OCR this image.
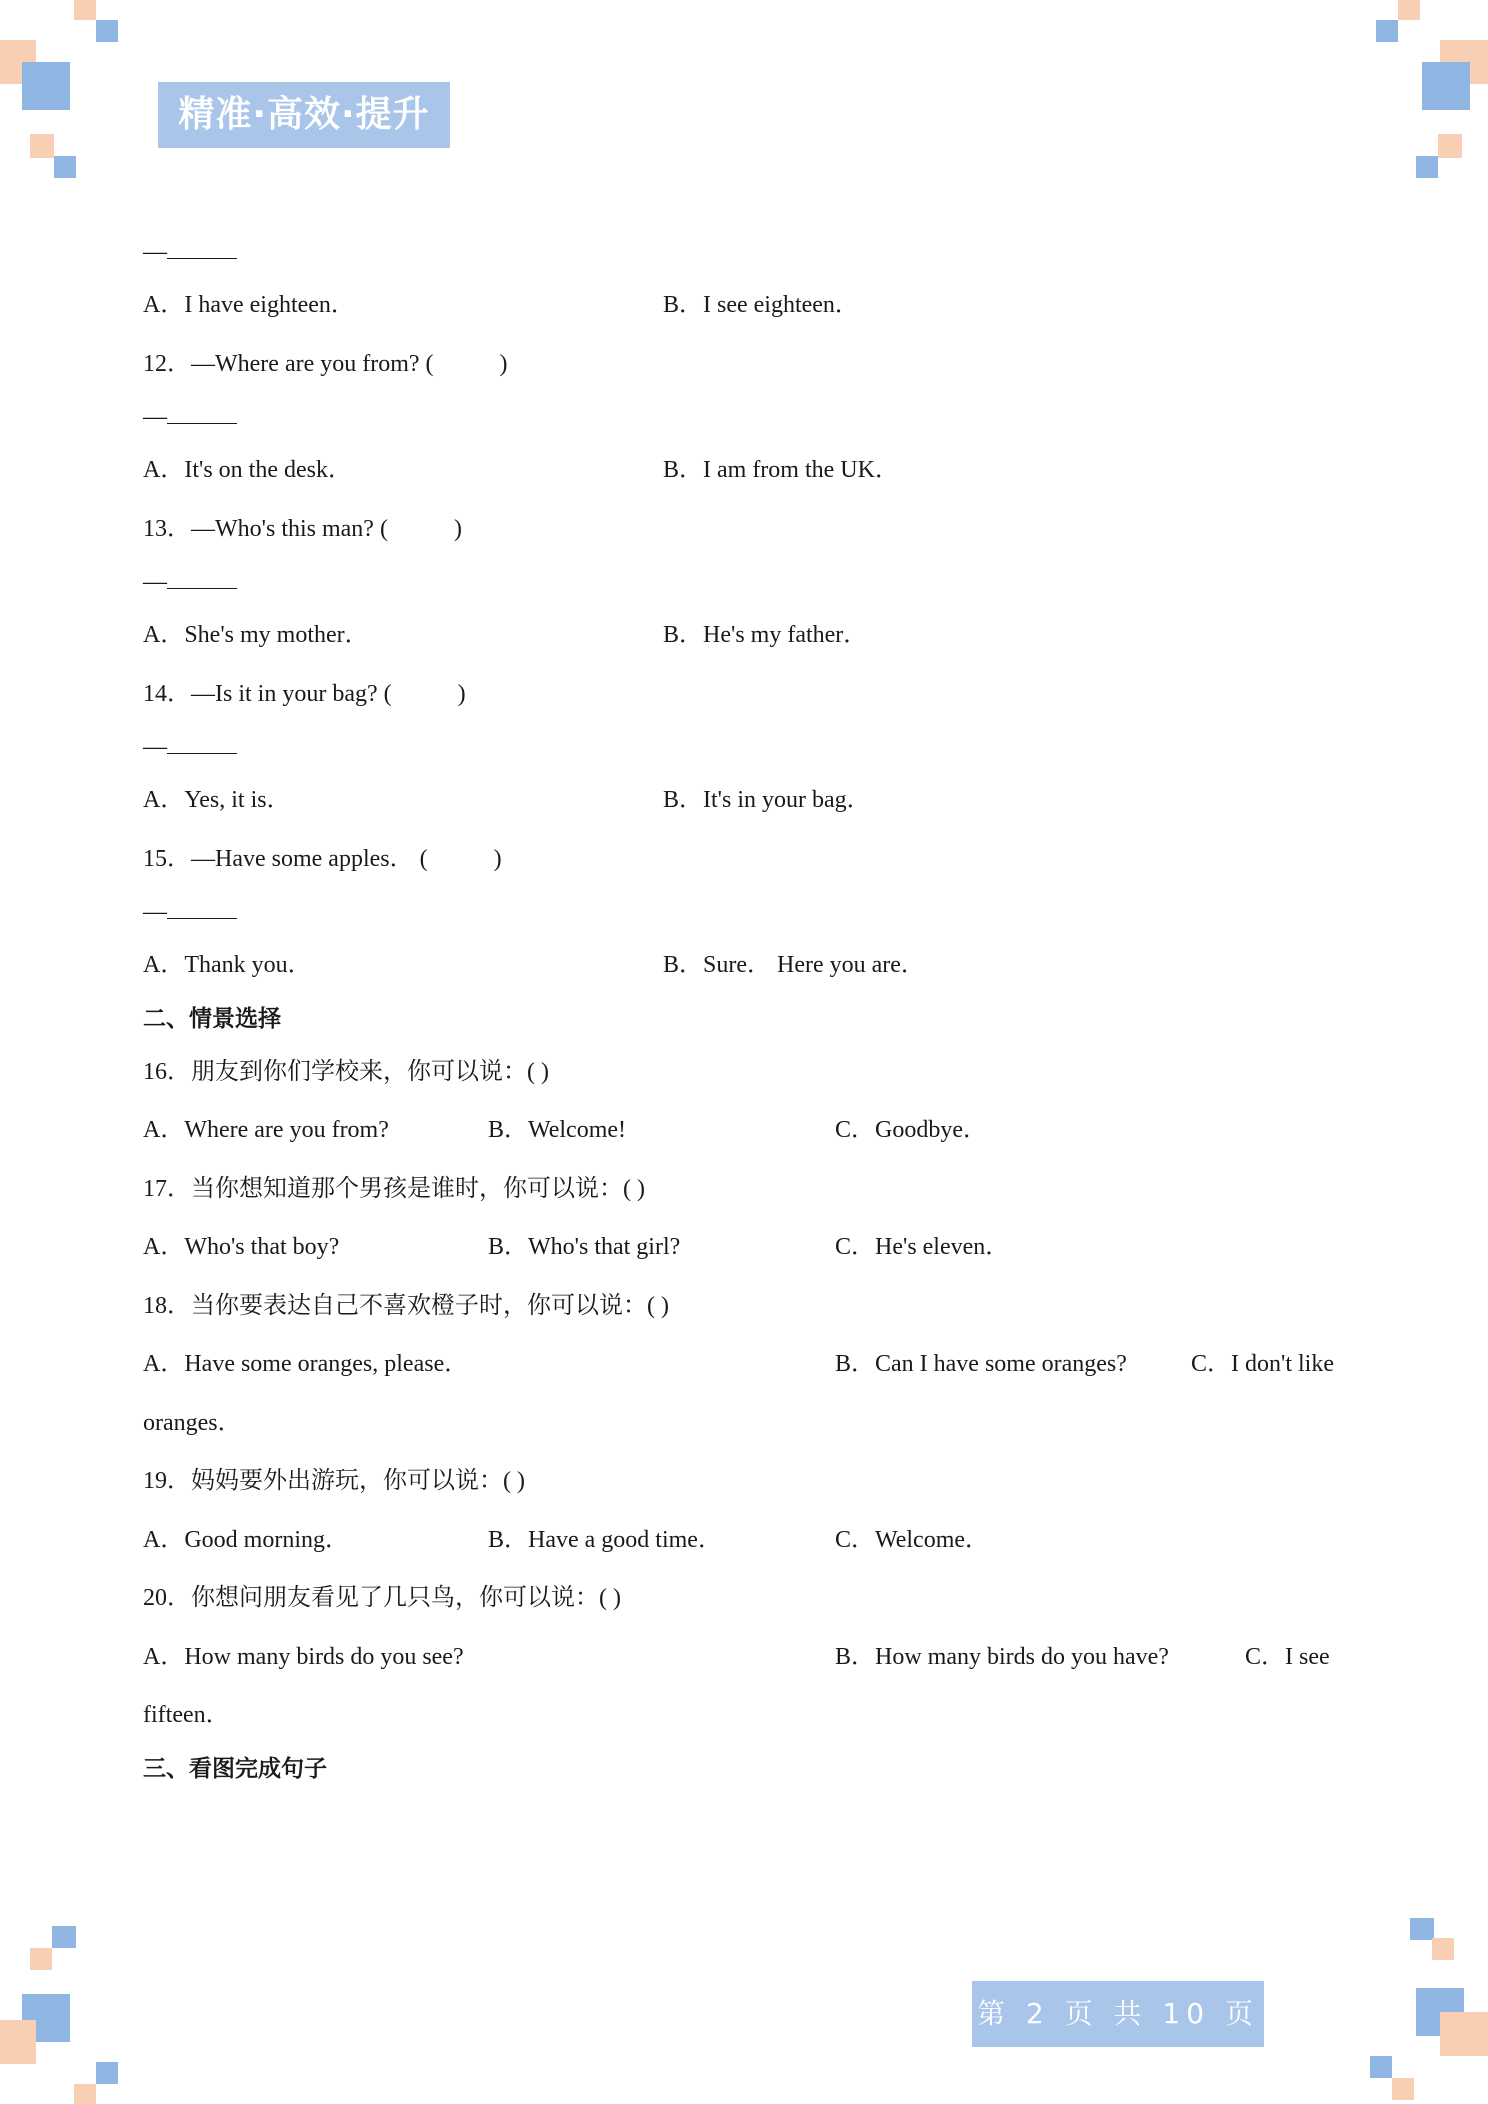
精准·高效·提升
—
A．I have eighteen．	B．I see eighteen．
12．—Where are you from? (	)
—
A．It's on the desk．	B．I am from the UK．
13．—Who's this man? (	)
—
A．She's my mother．	B．He's my father．
14．—Is it in your bag? (	)
—
A．Yes, it is．	B．It's in your bag．
15．—Have some apples． (	)
—
A．Thank you．	B．Sure． Here you are．
二、情景选择
16．朋友到你们学校来，你可以说：( )
A．Where are you from?	B．Welcome!	C．Goodbye．
17．当你想知道那个男孩是谁时，你可以说：( )
A．Who's that boy?	B．Who's that girl?	C．He's eleven．
18．当你要表达自己不喜欢橙子时，你可以说：( )
A．Have some oranges, please．	B．Can I have some oranges?	C．I don't like
oranges．
19．妈妈要外出游玩，你可以说：( )
A．Good morning．	B．Have a good time．	C．Welcome．
20．你想问朋友看见了几只鸟，你可以说：( )
A．How many birds do you see?	B．How many birds do you have?	C．I see
fifteen．
三、看图完成句子
第 2 页 共 10 页
